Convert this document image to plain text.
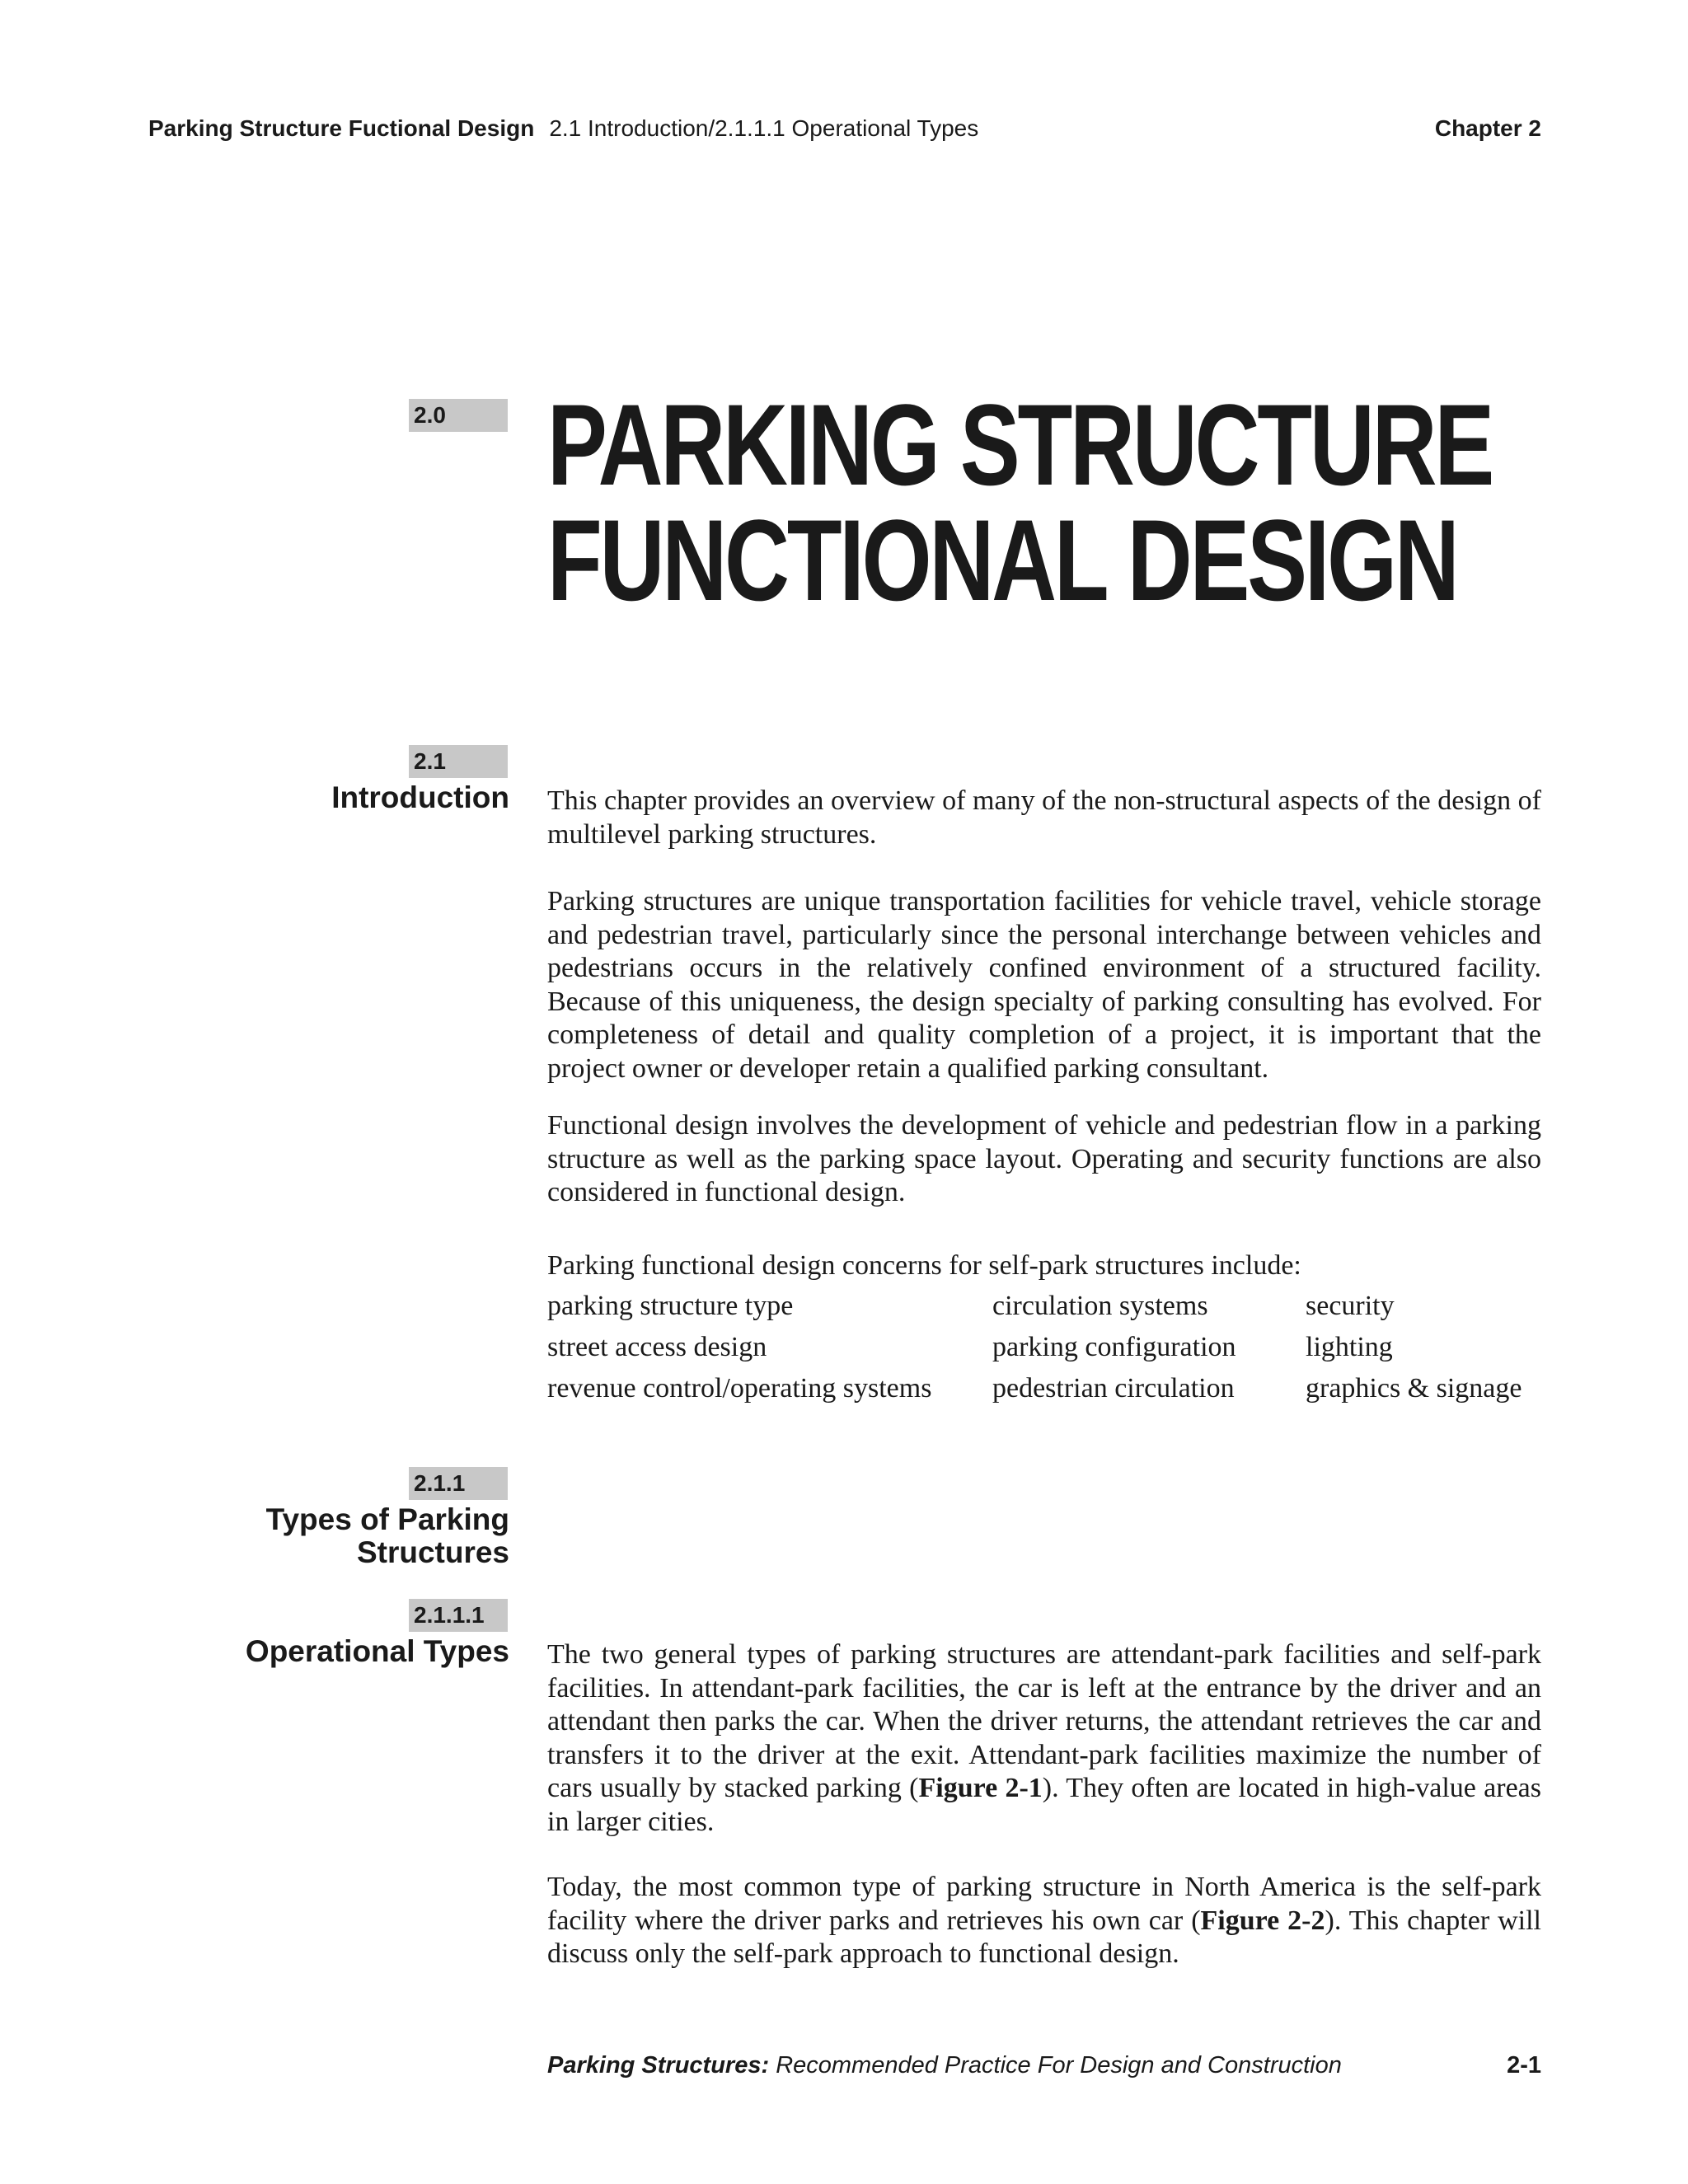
Parking Structure Fuctional Design 2.1 Introduction/2.1.1.1 Operational Types	Chapter 2
2.0 PARKING STRUCTURE
FUNCTIONAL DESIGN
2.1
Introduction This chapter provides an overview of many of the non-structural aspects of the design of multilevel parking structures.

Parking structures are unique transportation facilities for vehicle travel, vehicle storage and pedestrian travel, particularly since the personal interchange between vehicles and pedestrians occurs in the relatively confined environment of a structured facility. Because of this uniqueness, the design specialty of parking consulting has evolved. For completeness of detail and quality completion of a project, it is important that the project owner or developer retain a qualified parking consultant.

Functional design involves the development of vehicle and pedestrian flow in a parking structure as well as the parking space layout. Operating and security functions are also considered in functional design.

Parking functional design concerns for self-park structures include:
parking structure type	circulation systems	security
street access design	parking configuration	lighting
revenue control/operating systems	pedestrian circulation	graphics & signage
2.1.1
Types of Parking
Structures
2.1.1.1
Operational Types The two general types of parking structures are attendant-park facilities and self-park facilities. In attendant-park facilities, the car is left at the entrance by the driver and an attendant then parks the car. When the driver returns, the attendant retrieves the car and transfers it to the driver at the exit. Attendant-park facilities maximize the number of cars usually by stacked parking (Figure 2-1). They often are located in high-value areas in larger cities.

Today, the most common type of parking structure in North America is the self-park facility where the driver parks and retrieves his own car (Figure 2-2). This chapter will discuss only the self-park approach to functional design.

Parking Structures: Recommended Practice For Design and Construction	2-1
